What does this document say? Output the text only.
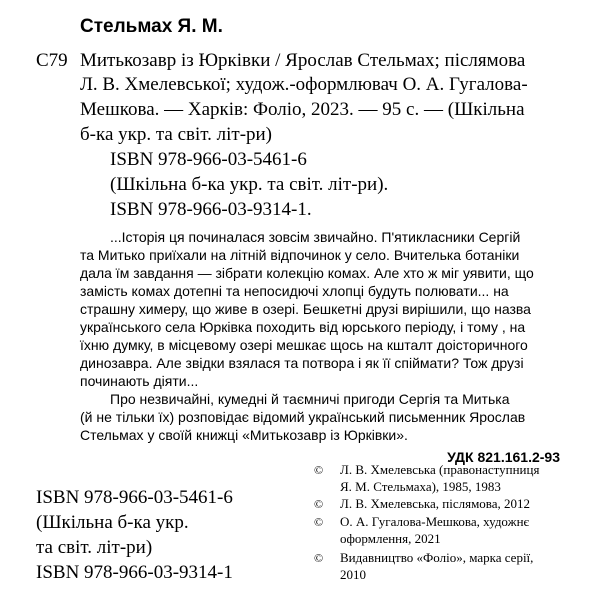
Стельмах Я. М.
С79 Митькозавр із Юрківки / Ярослав Стельмах; післямова
Л. В. Хмелевської; худож.-оформлювач О. А. Гугалова-
Мешкова. — Харків: Фоліо, 2023. — 95 с. — (Шкільна
б-ка укр. та світ. літ-ри)
ISBN 978-966-03-5461-6
(Шкільна б-ка укр. та світ. літ-ри).
ISBN 978-966-03-9314-1.
...Історія ця починалася зовсім звичайно. П'ятикласники Сергій
та Митько приїхали на літній відпочинок у село. Вчителька ботаніки
дала їм завдання — зібрати колекцію комах. Але хто ж міг уявити, що
замість комах дотепні та непосидючі хлопці будуть полювати... на
страшну химеру, що живе в озері. Бешкетні друзі вирішили, що назва
українського села Юрківка походить від юрського періоду, і тому , на
їхню думку, в місцевому озері мешкає щось на кшталт доісторичного
динозавра. Але звідки взялася та потвора і як її спіймати? Тож друзі
починають діяти...
Про незвичайні, кумедні й таємничі пригоди Сергія та Митька
(й не тільки їх) розповідає відомий український письменник Ярослав
Стельмах у своїй книжці «Митькозавр із Юрківки».
УДК 821.161.2-93
ISBN 978-966-03-5461-6
(Шкільна б-ка укр.
та світ. літ-ри)
ISBN 978-966-03-9314-1
© Л. В. Хмелевська (правонаступниця
Я. М. Стельмаха), 1985, 1983
© Л. В. Хмелевська, післямова, 2012
© О. А. Гугалова-Мешкова, художнє
оформлення, 2021
© Видавництво «Фоліо», марка серії,
2010
